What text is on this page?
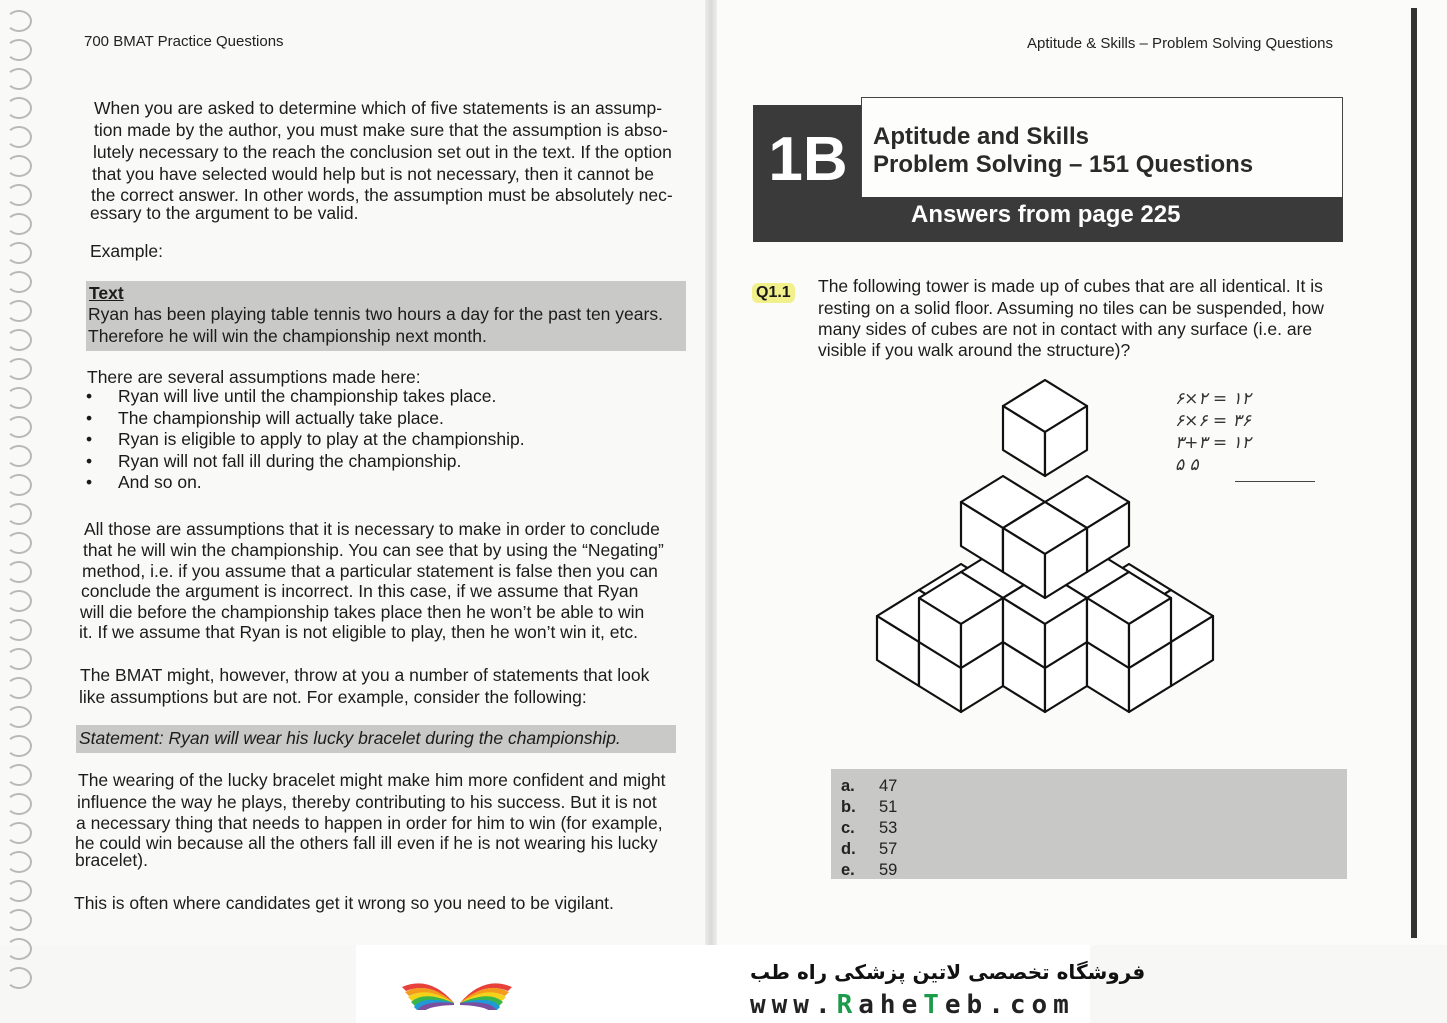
700 BMAT Practice Questions
When you are asked to determine which of five statements is an assump-
tion made by the author, you must make sure that the assumption is abso-
lutely necessary to the reach the conclusion set out in the text. If the option
that you have selected would help but is not necessary, then it cannot be
the correct answer. In other words, the assumption must be absolutely nec-
essary to the argument to be valid.
Example:
Text
Ryan has been playing table tennis two hours a day for the past ten years.
Therefore he will win the championship next month.
There are several assumptions made here:
• Ryan will live until the championship takes place.
• The championship will actually take place.
• Ryan is eligible to apply to play at the championship.
• Ryan will not fall ill during the championship.
• And so on.
All those are assumptions that it is necessary to make in order to conclude
that he will win the championship. You can see that by using the “Negating”
method, i.e. if you assume that a particular statement is false then you can
conclude the argument is incorrect. In this case, if we assume that Ryan
will die before the championship takes place then he won’t be able to win
it. If we assume that Ryan is not eligible to play, then he won’t win it, etc.
The BMAT might, however, throw at you a number of statements that look
like assumptions but are not. For example, consider the following:
Statement: Ryan will wear his lucky bracelet during the championship.
The wearing of the lucky bracelet might make him more confident and might
influence the way he plays, thereby contributing to his success. But it is not
a necessary thing that needs to happen in order for him to win (for example,
he could win because all the others fall ill even if he is not wearing his lucky
bracelet).
This is often where candidates get it wrong so you need to be vigilant.
Aptitude & Skills – Problem Solving Questions
1B	Aptitude and Skills
Problem Solving – 151 Questions
Answers from page 225
Q1.1 The following tower is made up of cubes that are all identical. It is
resting on a solid floor. Assuming no tiles can be suspended, how
many sides of cubes are not in contact with any surface (i.e. are
visible if you walk around the structure)?
۶×۲ = ۱۲
۶×۶ = ۳۶
۳+۳ = ۱۲
۵ ۵
a. 47
b. 51
c. 53
d. 57
e. 59
فروشگاه تخصصی لاتین پزشکی راه طب
www.RaheTeb.com
